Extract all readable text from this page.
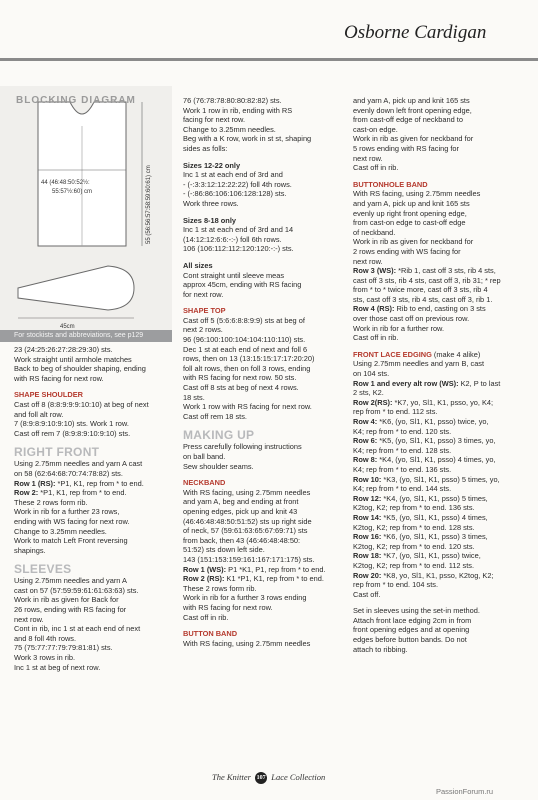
Osborne Cardigan
44 (46:48:50:52½:
55:57½:60) cm	55 (56:56:57:58:59:60:61) cm
45cm
BLOCKING DIAGRAM
For stockists and abbreviations, see p129

23 (24:25:26:27:28:29:30) sts.

Work straight until armhole matches

Back to beg of shoulder shaping, ending

with RS facing for next row.

SHAPE SHOULDER

Cast off 8 (8:8:9:9:9:10:10) at beg of next

and foll alt row.

7 (8:9:8:9:10:9:10) sts. Work 1 row.

Cast off rem 7 (8:9:8:9:10:9:10) sts.

RIGHT FRONT

Using 2.75mm needles and yarn A cast

on 58 (62:64:68:70:74:78:82) sts.

Row 1 (RS): *P1, K1, rep from * to end.

Row 2: *P1, K1, rep from * to end.

These 2 rows form rib.

Work in rib for a further 23 rows,

ending with WS facing for next row.

Change to 3.25mm needles.

Work to match Left Front reversing

shapings.

SLEEVES

Using 2.75mm needles and yarn A

cast on 57 (57:59:59:61:61:63:63) sts.

Work in rib as given for Back for

26 rows, ending with RS facing for

next row.

Cont in rib, inc 1 st at each end of next

and 8 foll 4th rows.

75 (75:77:77:79:79:81:81) sts.

Work 3 rows in rib.

Inc 1 st at beg of next row.

76 (76:78:78:80:80:82:82) sts.

Work 1 row in rib, ending with RS

facing for next row.

Change to 3.25mm needles.

Beg with a K row, work in st st, shaping

sides as folls:

Sizes 12-22 only

Inc 1 st at each end of 3rd and

- (-:3:3:12:12:22:22) foll 4th rows.

- (-:86:86:106:106:128:128) sts.

Work three rows.

Sizes 8-18 only

Inc 1 st at each end of 3rd and 14

(14:12:12:6:6:-:-) foll 6th rows.

106 (106:112:112:120:120:-:-) sts.

All sizes

Cont straight until sleeve meas

approx 45cm, ending with RS facing

for next row.

SHAPE TOP

Cast off 5 (5:6:6:8:8:9:9) sts at beg of

next 2 rows.

96 (96:100:100:104:104:110:110) sts.

Dec 1 st at each end of next and foll 6

rows, then on 13 (13:15:15:17:17:20:20)

foll alt rows, then on foll 3 rows, ending

with RS facing for next row. 50 sts.

Cast off 8 sts at beg of next 4 rows.

18 sts.

Work 1 row with RS facing for next row.

Cast off rem 18 sts.

MAKING UP

Press carefully following instructions

on ball band.

Sew shoulder seams.

NECKBAND

With RS facing, using 2.75mm needles

and yarn A, beg and ending at front

opening edges, pick up and knit 43

(46:46:48:48:50:51:52) sts up right side

of neck, 57 (59:61:63:65:67:69:71) sts

from back, then 43 (46:46:48:48:50:

51:52) sts down left side.

143 (151:153:159:161:167:171:175) sts.

Row 1 (WS): P1 *K1, P1, rep from * to end.

Row 2 (RS): K1 *P1, K1, rep from * to end.

These 2 rows form rib.

Work in rib for a further 3 rows ending

with RS facing for next row.

Cast off in rib.

BUTTON BAND

With RS facing, using 2.75mm needles

and yarn A, pick up and knit 165 sts

evenly down left front opening edge,

from cast-off edge of neckband to

cast-on edge.

Work in rib as given for neckband for

5 rows ending with RS facing for

next row.

Cast off in rib.

BUTTONHOLE BAND

With RS facing, using 2.75mm needles

and yarn A, pick up and knit 165 sts

evenly up right front opening edge,

from cast-on edge to cast-off edge

of neckband.

Work in rib as given for neckband for

2 rows ending with WS facing for

next row.

Row 3 (WS): *Rib 1, cast off 3 sts, rib 4 sts,

cast off 3 sts, rib 4 sts, cast off 3, rib 31; * rep

from * to * twice more, cast off 3 sts, rib 4

sts, cast off 3 sts, rib 4 sts, cast off 3, rib 1.

Row 4 (RS): Rib to end, casting on 3 sts

over those cast off on previous row.

Work in rib for a further row.

Cast off in rib.

FRONT LACE EDGING (make 4 alike)

Using 2.75mm needles and yarn B, cast

on 104 sts.

Row 1 and every alt row (WS): K2, P to last

2 sts, K2.

Row 2(RS): *K7, yo, Sl1, K1, psso, yo, K4;

rep from * to end. 112 sts.

Row 4: *K6, (yo, Sl1, K1, psso) twice, yo,

K4; rep from * to end. 120 sts.

Row 6: *K5, (yo, Sl1, K1, psso) 3 times, yo,

K4; rep from * to end. 128 sts.

Row 8: *K4, (yo, Sl1, K1, psso) 4 times, yo,

K4; rep from * to end. 136 sts.

Row 10: *K3, (yo, Sl1, K1, psso) 5 times, yo,

K4; rep from * to end. 144 sts.

Row 12: *K4, (yo, Sl1, K1, psso) 5 times,

K2tog, K2; rep from * to end. 136 sts.

Row 14: *K5, (yo, Sl1, K1, psso) 4 times,

K2tog, K2; rep from * to end. 128 sts.

Row 16: *K6, (yo, Sl1, K1, psso) 3 times,

K2tog, K2; rep from * to end. 120 sts.

Row 18: *K7, (yo, Sl1, K1, psso) twice,

K2tog, K2; rep from * to end. 112 sts.

Row 20: *K8, yo, Sl1, K1, psso, K2tog, K2;

rep from * to end. 104 sts.

Cast off.

Set in sleeves using the set-in method.

Attach front lace edging 2cm in from

front opening edges and at opening

edges before button bands. Do not

attach to ribbing.

The Knitter 107 Lace Collection
PassionForum.ru
